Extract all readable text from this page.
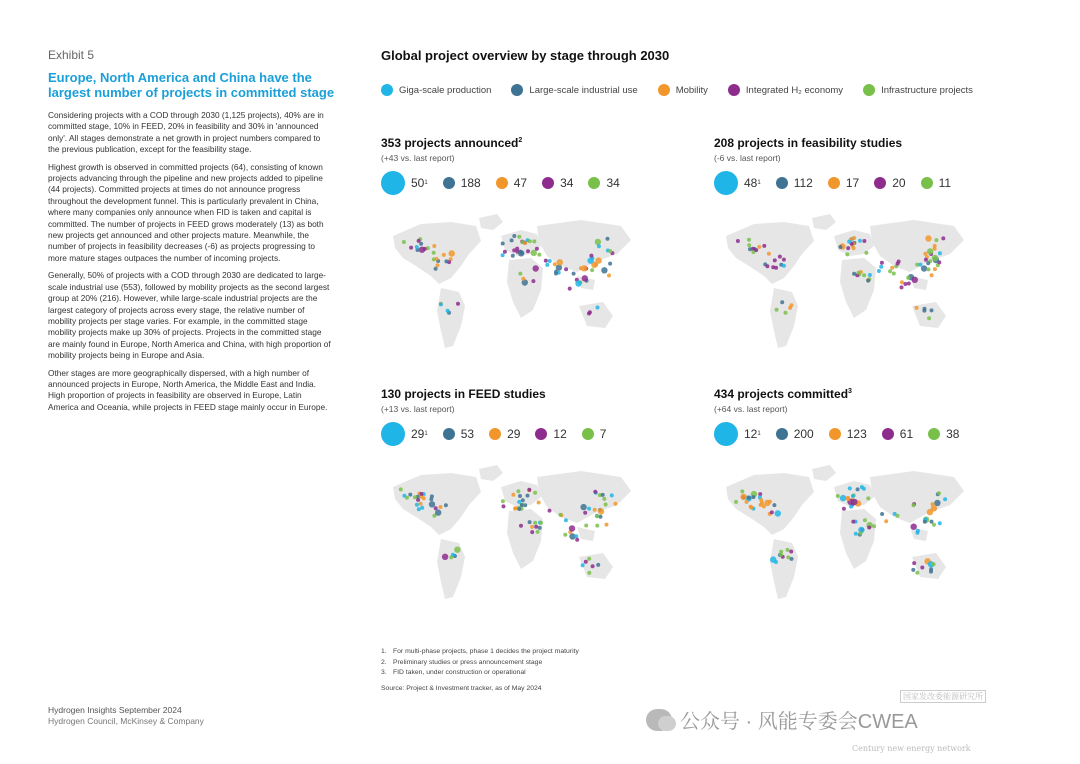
Exhibit 5
Europe, North America and China have the largest number of projects in committed stage

Considering projects with a COD through 2030 (1,125 projects), 40% are in committed stage, 10% in FEED, 20% in feasibility and 30% in 'announced only'. All stages demonstrate a net growth in project numbers compared to the previous publication, except for the feasibility stage.

Highest growth is observed in committed projects (64), consisting of known projects advancing through the pipeline and new projects added to pipeline (44 projects). Committed projects at times do not announce progress throughout the development funnel. This is particularly prevalent in China, where many companies only announce when FID is taken and capital is committed. The number of projects in FEED grows moderately (13) as both new projects get announced and other projects mature. Meanwhile, the number of projects in feasibility decreases (-6) as projects progressing to more mature stages outpaces the number of incoming projects.

Generally, 50% of projects with a COD through 2030 are dedicated to large-scale industrial use (553), followed by mobility projects as the second largest group at 20% (216). However, while large-scale industrial projects are the largest category of projects across every stage, the relative number of mobility projects per stage varies. For example, in the committed stage mobility projects make up 30% of projects. Projects in the committed stage are mainly found in Europe, North America and China, with high proportion of mobility projects being in Europe and Asia.

Other stages are more geographically dispersed, with a high number of announced projects in Europe, North America, the Middle East and India. High proportion of projects in feasibility are observed in Europe, Latin America and Oceania, while projects in FEED stage mainly occur in Europe.

Global project overview by stage through 2030
Giga-scale production	Large-scale industrial use	Mobility	Integrated H₂ economy	Infrastructure projects
353 projects announced$^2$
(+43 vs. last report)
50 1	188	47	34	34
208 projects in feasibility studies
(-6 vs. last report)
48 1	112	17	20	11
130 projects in FEED studies
(+13 vs. last report)
29 1	53	29	12	7
434 projects committed$^3$
(+64 vs. last report)
12 1	200	123	61	38
1. For multi-phase projects, phase 1 decides the project maturity
2. Preliminary studies or press announcement stage
3. FID taken, under construction or operational
Source: Project & Investment tracker, as of May 2024
Hydrogen Insights September 2024
Hydrogen Council, McKinsey & Company	公众号 · 风能专委会CWEA
Century new energy network
国家发改委能源研究所
